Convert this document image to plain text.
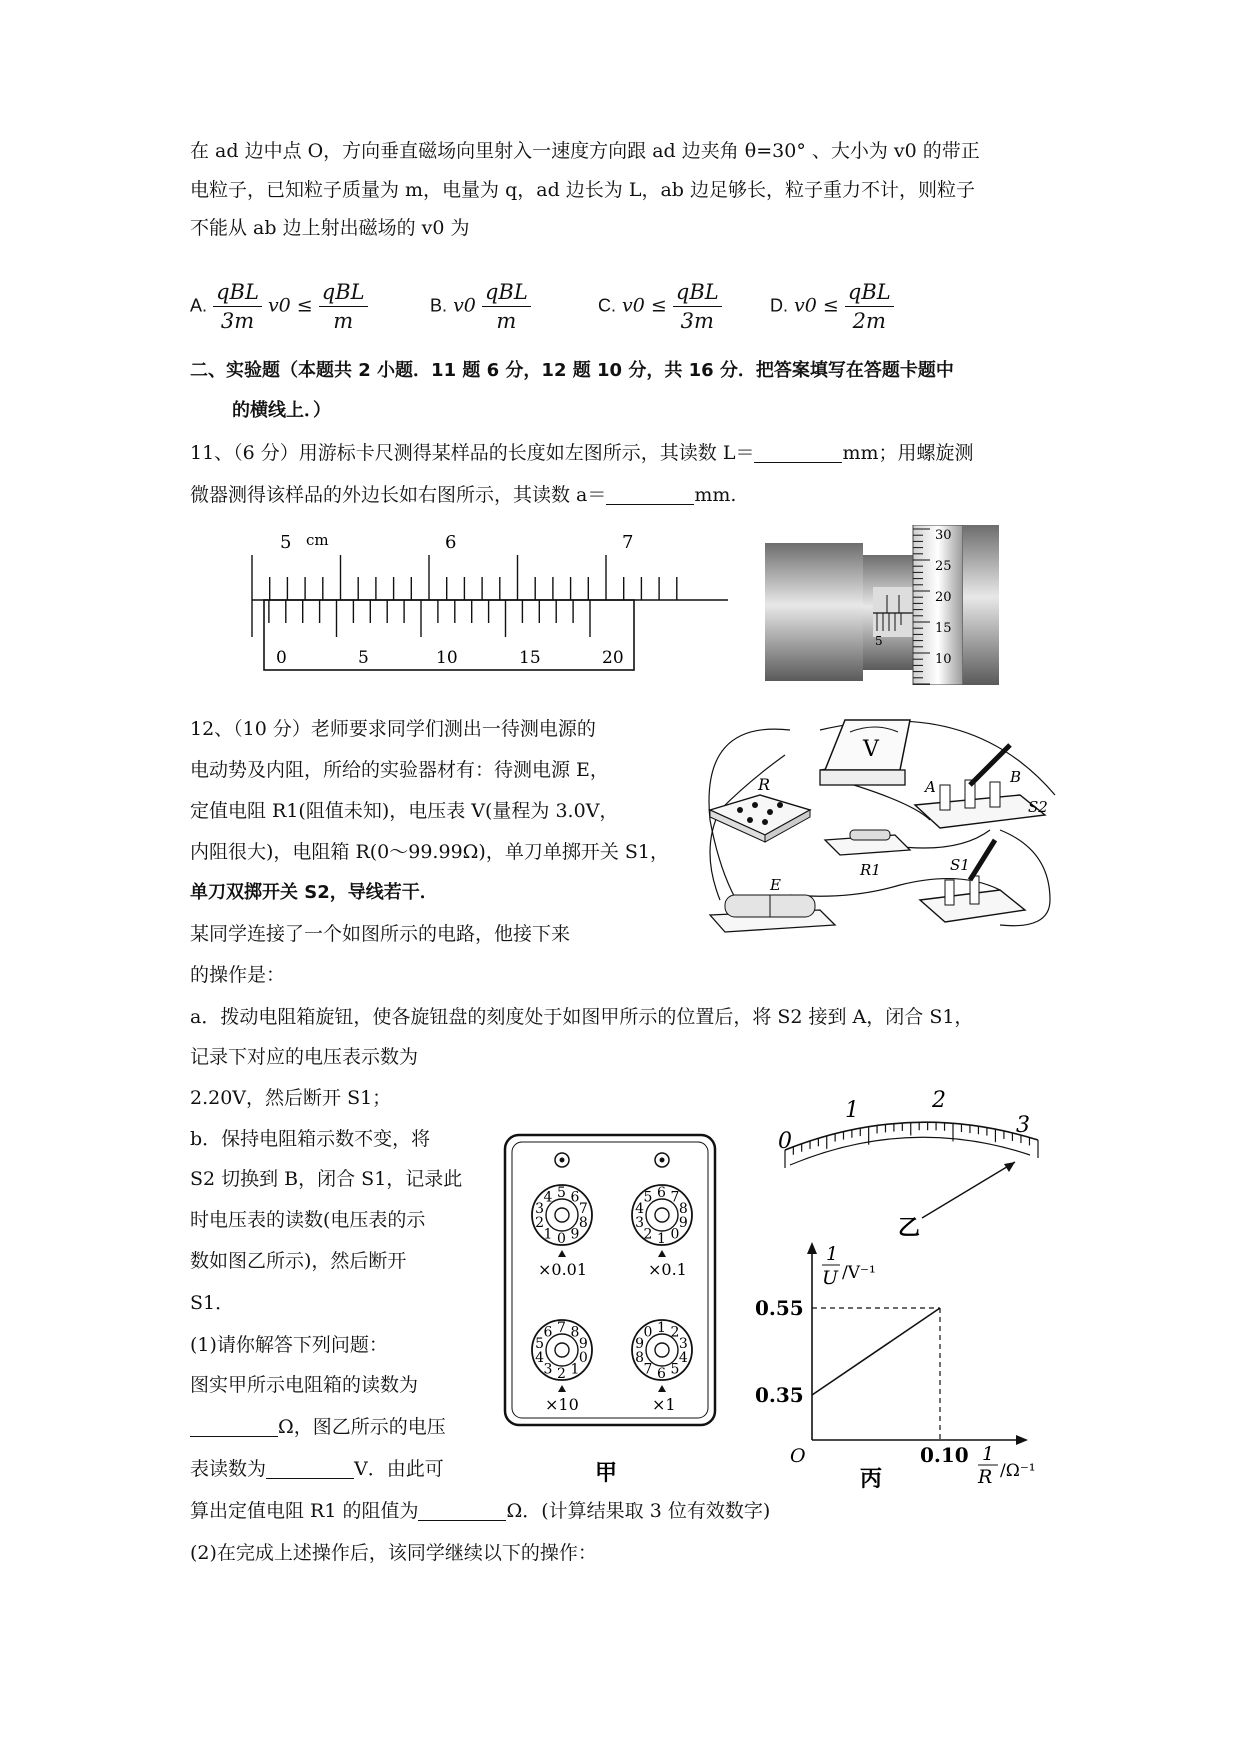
在 ad 边中点 O，方向垂直磁场向里射入一速度方向跟 ad 边夹角 θ=30° 、大小为 v0 的带正
电粒子，已知粒子质量为 m，电量为 q，ad 边长为 L，ab 边足够长，粒子重力不计，则粒子
不能从 ab 边上射出磁场的 v0 为
A. $\frac{\text{qBL}}{3m} v0 \le \frac{\text{qBL}}{m}$	B. $v0 \frac{\text{qBL}}{m}$	C. $v0 \le \frac{\text{qBL}}{3m}$	D. $v0 \le \frac{\text{qBL}}{2m}$
二、实验题（本题共 2 小题．11 题 6 分，12 题 10 分，共 16 分．把答案填写在答题卡题中
的横线上．）
11、（6 分）用游标卡尺测得某样品的长度如左图所示，其读数 L＝	mm；用螺旋测
微器测得该样品的外边长如右图所示，其读数 a＝	mm.
5 cm	6	7
0	5	10	15	20
5
30
25
20
15
10
12、（10 分）老师要求同学们测出一待测电源的
电动势及内阻，所给的实验器材有：待测电源 E，
定值电阻 R1(阻值未知)，电压表 V(量程为 3.0V，
内阻很大)，电阻箱 R(0～99.99Ω)，单刀单掷开关 S1，
单刀双掷开关 S2，导线若干．
某同学连接了一个如图所示的电路，他接下来
的操作是：
V
R	A
B
S2
R1	S1
E
a．拨动电阻箱旋钮，使各旋钮盘的刻度处于如图甲所示的位置后，将 S2 接到 A，闭合 S1，
记录下对应的电压表示数为
2.20V，然后断开 S1；
b．保持电阻箱示数不变，将
S2 切换到 B，闭合 S1，记录此
时电压表的读数(电压表的示
数如图乙所示)，然后断开
S1．
(1)请你解答下列问题：
图实甲所示电阻箱的读数为
Ω，图乙所示的电压
表读数为	V．由此可
算出定值电阻 R1 的阻值为	Ω．(计算结果取 3 位有效数字)
(2)在完成上述操作后，该同学继续以下的操作：
0
1
2
3
4 5 6
7
8
9	1
2
3
4
5 6 7
8
9
0
2
3
4
5
6 7 8
9
0
1	6
7
8
9
0 1 2
3
4
5
×0.01	×0.1
×10	×1
甲
0
1	2
3
乙
1
U /V⁻¹
0.55
0.35
O	0.10 1
R /Ω⁻¹
丙
